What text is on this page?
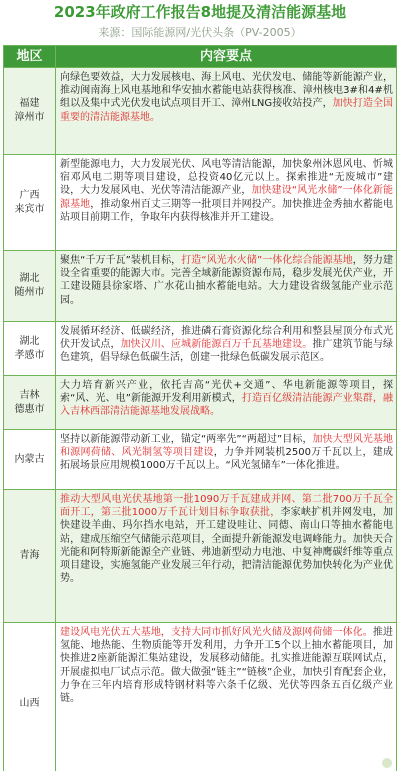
2023年政府工作报告8地提及清洁能源基地
来源：国际能源网/光伏头条（PV-2005）
地区	内容要点
福建
漳州市
向绿色要效益，大力发展核电、海上风电、光伏发电、储能等新能源产业，推动闽南海上风电基地和华安抽水蓄能电站获得核准、漳州核电3#和4#机组以及集中式光伏发电试点项目开工、漳州LNG接收站投产，加快打造全国重要的清洁能源基地。
广西
来宾市
新型能源电力，大力发展光伏、风电等清洁能源，加快象州沐恩风电、忻城宿邓风电二期等项目建设，总投资40亿元以上。探索推进“无废城市”建设，大力发展风电、光伏等清洁能源产业，加快建设“风光水储”一体化新能源基地，推动象州百丈三期等一批项目并网投产。加快推进金秀抽水蓄能电站项目前期工作，争取年内获得核准并开工建设。
湖北
随州市
聚焦“千万千瓦”装机目标，打造“风光水火储”一体化综合能源基地，努力建设全省重要的能源大市。完善全域新能源资源布局，稳步发展光伏产业，开工建设随县徐家塔、广水花山抽水蓄能电站。大力建设省级氢能产业示范园。
湖北
孝感市
发展循环经济、低碳经济，推进磷石膏资源化综合利用和整县屋顶分布式光伏开发试点，加快汉川、应城新能源百万千瓦基地建设。推广建筑节能与绿色建筑，倡导绿色低碳生活，创建一批绿色低碳发展示范区。
吉林
德惠市
大力培育新兴产业，依托吉高“光伏+交通”、华电新能源等项目，探索“风、光、电”新能源开发利用新模式，打造百亿级清洁能源产业集群，融入吉林西部清洁能源基地发展战略。
内蒙古
坚持以新能源带动新工业，锚定“两率先”“两超过”目标，加快大型风光基地和源网荷储、风光制氢等项目建设，力争并网装机2500万千瓦以上，建成拓展场景应用规模1000万千瓦以上。“风光氢储车”一体化推进。
青海
推动大型风电光伏基地第一批1090万千瓦建成并网、第二批700万千瓦全面开工，第三批1000万千瓦计划目标争取获批，李家峡扩机并网发电，加快建设羊曲、玛尔挡水电站，开工建设哇让、同德、南山口等抽水蓄能电站，建成压缩空气储能示范项目，全面提升新能源发电调峰能力。加快天合光能和阿特斯新能源全产业链、弗迪新型动力电池、中复神鹰碳纤维等重点项目建设，实施氢能产业发展三年行动，把清洁能源优势加快转化为产业优势。
山西
建设风电光伏五大基地，支持大同市抓好风光火储及源网荷储一体化。推进氢能、地热能、生物质能等开发利用，力争开工5个以上抽水蓄能项目，加快推进2座新能源汇集站建设，发展移动储能。扎实推进能源互联网试点，开展虚拟电厂试点示范。做大做强“链主”“链核”企业，加快引育配套企业，力争在三年内培育形成特钢材料等六条千亿级、光伏等四条五百亿级产业链。
